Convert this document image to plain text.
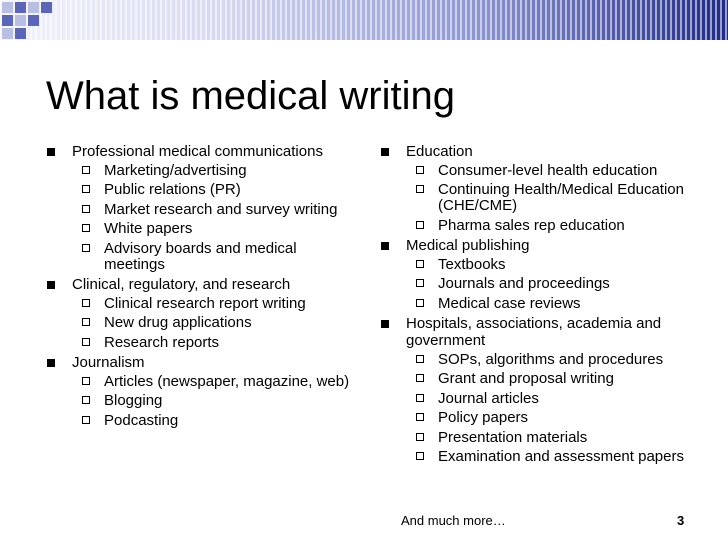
What is medical writing
Professional medical communications
Marketing/advertising
Public relations (PR)
Market research and survey writing
White papers
Advisory boards and medical meetings
Clinical, regulatory, and research
Clinical research report writing
New drug applications
Research reports
Journalism
Articles (newspaper, magazine, web)
Blogging
Podcasting
Education
Consumer-level health education
Continuing Health/Medical Education (CHE/CME)
Pharma sales rep education
Medical publishing
Textbooks
Journals and proceedings
Medical case reviews
Hospitals, associations, academia and government
SOPs, algorithms and procedures
Grant and proposal writing
Journal articles
Policy papers
Presentation materials
Examination and assessment papers
And much more…	3
